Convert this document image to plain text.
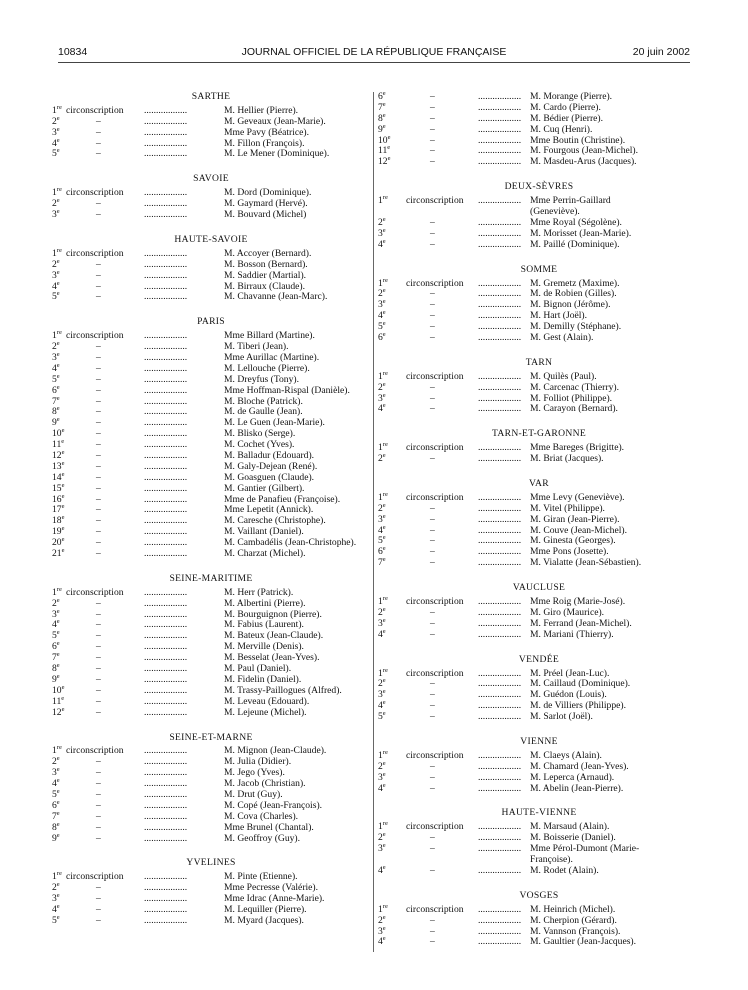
10834	JOURNAL OFFICIEL DE LA RÉPUBLIQUE FRANÇAISE	20 juin 2002
SARTHE
1re circonscription ..................	M. Hellier (Pierre).
2e	–	..................	M. Geveaux (Jean-Marie).
3e	–	..................	Mme Pavy (Béatrice).
4e	–	..................	M. Fillon (François).
5e	–	..................	M. Le Mener (Dominique).
SAVOIE
1re circonscription ..................	M. Dord (Dominique).
2e	–	..................	M. Gaymard (Hervé).
3e	–	..................	M. Bouvard (Michel)
HAUTE-SAVOIE
1re circonscription ..................	M. Accoyer (Bernard).
2e	–	..................	M. Bosson (Bernard).
3e	–	..................	M. Saddier (Martial).
4e	–	..................	M. Birraux (Claude).
5e	–	..................	M. Chavanne (Jean-Marc).
PARIS
1re circonscription ..................	Mme Billard (Martine).
2e	–	..................	M. Tiberi (Jean).
3e	–	..................	Mme Aurillac (Martine).
4e	–	..................	M. Lellouche (Pierre).
5e	–	..................	M. Dreyfus (Tony).
6e	–	..................	Mme Hoffman-Rispal (Danièle).
7e	–	..................	M. Bloche (Patrick).
8e	–	..................	M. de Gaulle (Jean).
9e	–	..................	M. Le Guen (Jean-Marie).
10e	–	..................	M. Blisko (Serge).
11e	–	..................	M. Cochet (Yves).
12e	–	..................	M. Balladur (Edouard).
13e	–	..................	M. Galy-Dejean (René).
14e	–	..................	M. Goasguen (Claude).
15e	–	..................	M. Gantier (Gilbert).
16e	–	..................	Mme de Panafieu (Françoise).
17e	–	..................	Mme Lepetit (Annick).
18e	–	..................	M. Caresche (Christophe).
19e	–	..................	M. Vaillant (Daniel).
20e	–	..................	M. Cambadélis (Jean-Christophe).
21e	–	..................	M. Charzat (Michel).
SEINE-MARITIME
1re circonscription ..................	M. Herr (Patrick).
2e	–	..................	M. Albertini (Pierre).
3e	–	..................	M. Bourguignon (Pierre).
4e	–	..................	M. Fabius (Laurent).
5e	–	..................	M. Bateux (Jean-Claude).
6e	–	..................	M. Merville (Denis).
7e	–	..................	M. Besselat (Jean-Yves).
8e	–	..................	M. Paul (Daniel).
9e	–	..................	M. Fidelin (Daniel).
10e	–	..................	M. Trassy-Paillogues (Alfred).
11e	–	..................	M. Leveau (Edouard).
12e	–	..................	M. Lejeune (Michel).
SEINE-ET-MARNE
1re circonscription ..................	M. Mignon (Jean-Claude).
2e	–	..................	M. Julia (Didier).
3e	–	..................	M. Jego (Yves).
4e	–	..................	M. Jacob (Christian).
5e	–	..................	M. Drut (Guy).
6e	–	..................	M. Copé (Jean-François).
7e	–	..................	M. Cova (Charles).
8e	–	..................	Mme Brunel (Chantal).
9e	–	..................	M. Geoffroy (Guy).
YVELINES
1re circonscription ..................	M. Pinte (Etienne).
2e	–	..................	Mme Pecresse (Valérie).
3e	–	..................	Mme Idrac (Anne-Marie).
4e	–	..................	M. Lequiller (Pierre).
5e	–	..................	M. Myard (Jacques).
6e	–	.................. M. Morange (Pierre).
7e	–	.................. M. Cardo (Pierre).
8e	–	.................. M. Bédier (Pierre).
9e	–	.................. M. Cuq (Henri).
10e	–	.................. Mme Boutin (Christine).
11e	–	.................. M. Fourgous (Jean-Michel).
12e	–	.................. M. Masdeu-Arus (Jacques).
DEUX-SÈVRES
1re circonscription .................. Mme Perrin-Gaillard (Geneviève).
2e	–	.................. Mme Royal (Ségolène).
3e	–	.................. M. Morisset (Jean-Marie).
4e	–	.................. M. Paillé (Dominique).
SOMME
1re circonscription .................. M. Gremetz (Maxime).
2e	–	.................. M. de Robien (Gilles).
3e	–	.................. M. Bignon (Jérôme).
4e	–	.................. M. Hart (Joël).
5e	–	.................. M. Demilly (Stéphane).
6e	–	.................. M. Gest (Alain).
TARN
1re circonscription .................. M. Quilès (Paul).
2e	–	.................. M. Carcenac (Thierry).
3e	–	.................. M. Folliot (Philippe).
4e	–	.................. M. Carayon (Bernard).
TARN-ET-GARONNE
1re circonscription .................. Mme Bareges (Brigitte).
2e	–	.................. M. Briat (Jacques).
VAR
1re circonscription .................. Mme Levy (Geneviève).
2e	–	.................. M. Vitel (Philippe).
3e	–	.................. M. Giran (Jean-Pierre).
4e	–	.................. M. Couve (Jean-Michel).
5e	–	.................. M. Ginesta (Georges).
6e	–	.................. Mme Pons (Josette).
7e	–	.................. M. Vialatte (Jean-Sébastien).
VAUCLUSE
1re circonscription .................. Mme Roig (Marie-José).
2e	–	.................. M. Giro (Maurice).
3e	–	.................. M. Ferrand (Jean-Michel).
4e	–	.................. M. Mariani (Thierry).
VENDÉE
1re circonscription .................. M. Préel (Jean-Luc).
2e	–	.................. M. Caillaud (Dominique).
3e	–	.................. M. Guédon (Louis).
4e	–	.................. M. de Villiers (Philippe).
5e	–	.................. M. Sarlot (Joël).
VIENNE
1re circonscription .................. M. Claeys (Alain).
2e	–	.................. M. Chamard (Jean-Yves).
3e	–	.................. M. Leperca (Arnaud).
4e	–	.................. M. Abelin (Jean-Pierre).
HAUTE-VIENNE
1re circonscription .................. M. Marsaud (Alain).
2e	–	.................. M. Boisserie (Daniel).
3e	–	.................. Mme Pérol-Dumont (Marie-Françoise).
4e	–	.................. M. Rodet (Alain).
VOSGES
1re circonscription .................. M. Heinrich (Michel).
2e	–	.................. M. Cherpion (Gérard).
3e	–	.................. M. Vannson (François).
4e	–	.................. M. Gaultier (Jean-Jacques).
